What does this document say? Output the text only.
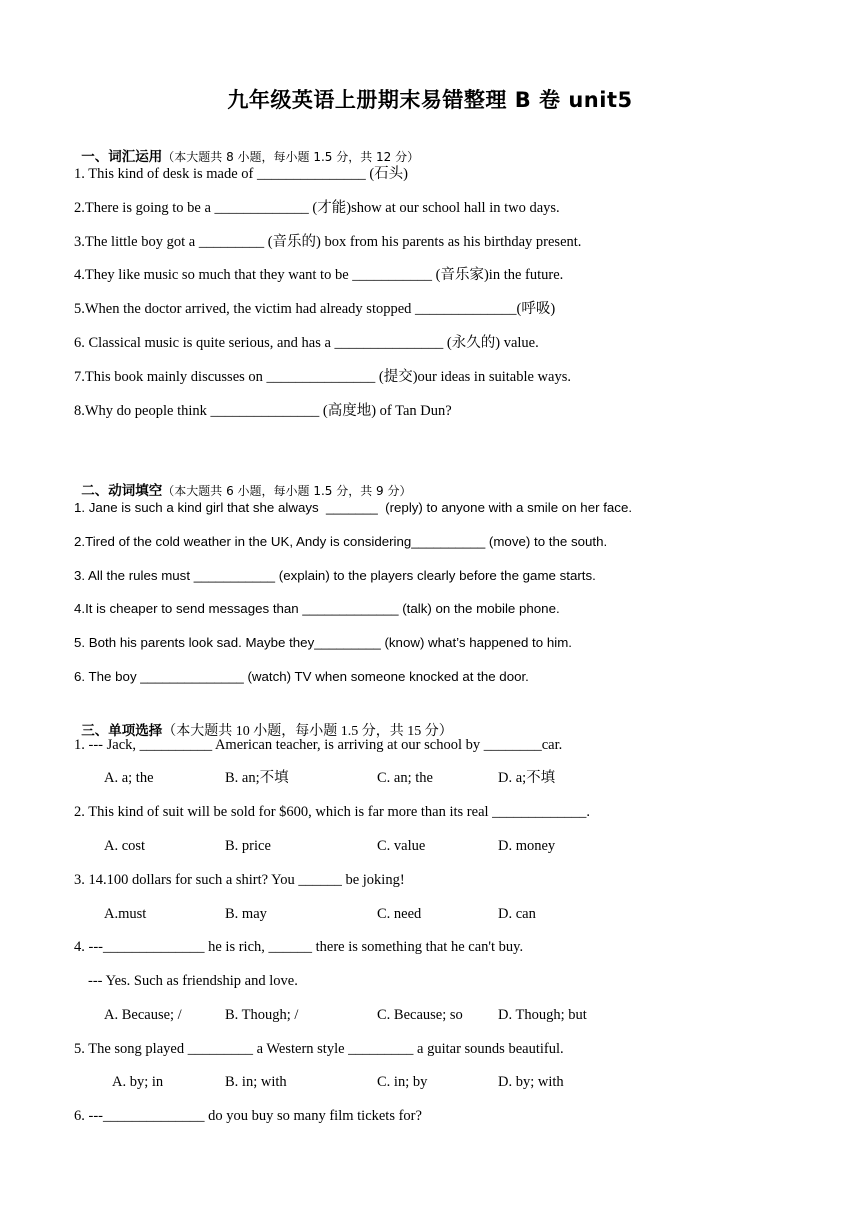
九年级英语上册期末易错整理 B 卷 unit5

一、词汇运用（本大题共 8 小题，每小题 1.5 分，共 12 分）

1. This kind of desk is made of _______________ (石头)
2.There is going to be a _____________ (才能)show at our school hall in two days.
3.The little boy got a _________ (音乐的) box from his parents as his birthday present.
4.They like music so much that they want to be ___________ (音乐家)in the future.
5.When the doctor arrived, the victim had already stopped ______________(呼吸)
6. Classical music is quite serious, and has a _______________ (永久的) value.
7.This book mainly discusses on _______________ (提交)our ideas in suitable ways.
8.Why do people think _______________ (高度地) of Tan Dun?

二、动词填空（本大题共 6 小题，每小题 1.5 分，共 9 分）

1. Jane is such a kind girl that she always  _______  (reply) to anyone with a smile on her face.
2.Tired of the cold weather in the UK, Andy is considering__________ (move) to the south.
3. All the rules must ___________ (explain) to the players clearly before the game starts.
4.It is cheaper to send messages than _____________ (talk) on the mobile phone.
5. Both his parents look sad. Maybe they_________ (know) what’s happened to him.
6. The boy ______________ (watch) TV when someone knocked at the door.

三、单项选择（本大题共 10 小题，每小题 1.5 分，共 15 分）

1. --- Jack, __________ American teacher, is arriving at our school by ________car.
A. a; the	B. an;不填	C. an; the	D. a;不填
2. This kind of suit will be sold for $600, which is far more than its real _____________.
A. cost	B. price	C. value	D. money
3. 14.100 dollars for such a shirt? You ______ be joking!
A.must	B. may	C. need	D. can
4. ---______________ he is rich, ______ there is something that he can't buy.
--- Yes. Such as friendship and love.
A. Because; /	B. Though; /	C. Because; so D. Though; but
5. The song played _________ a Western style _________ a guitar sounds beautiful.
A. by; in	B. in; with	C. in; by	D. by; with
6. ---______________ do you buy so many film tickets for?
